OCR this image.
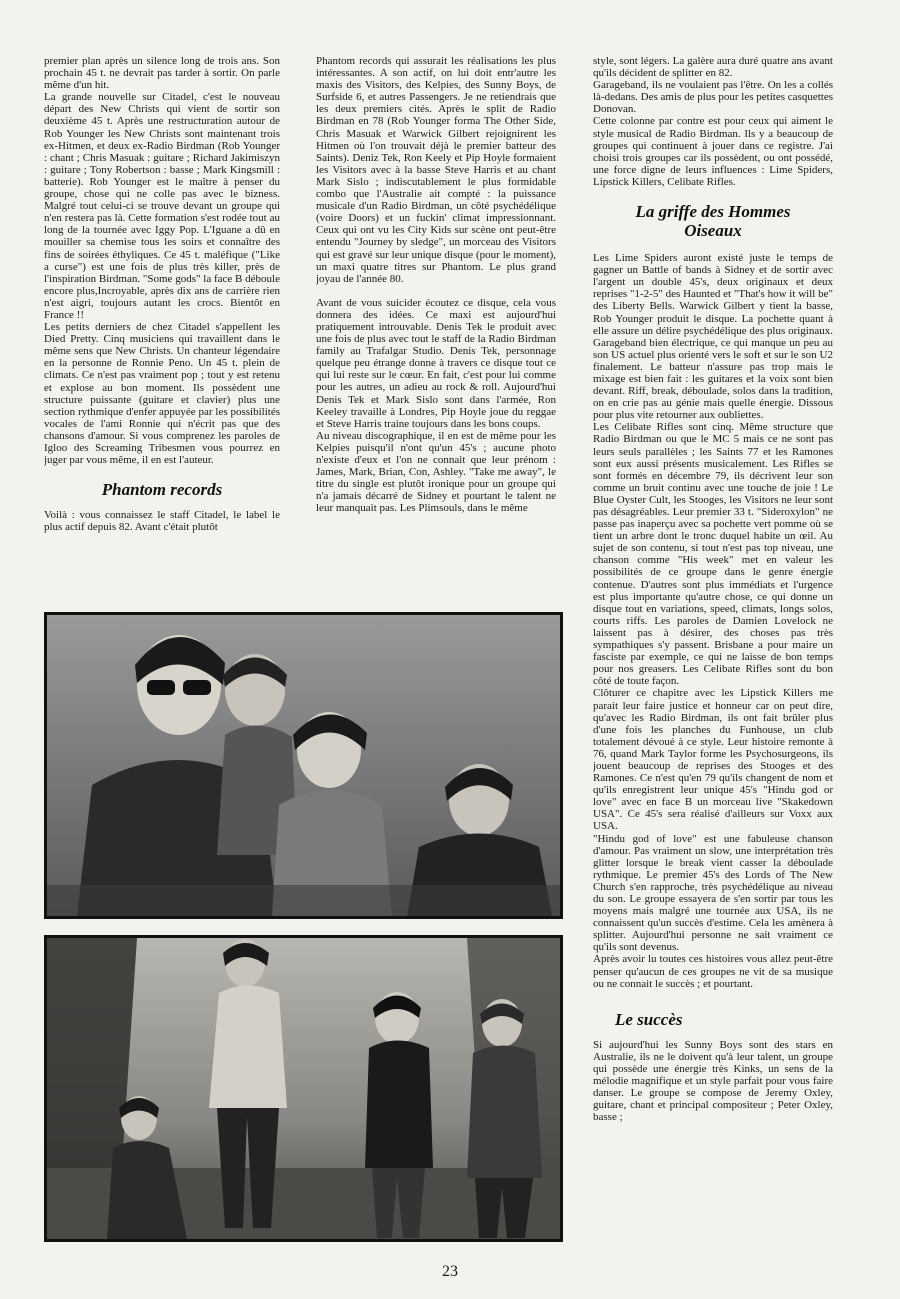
premier plan après un silence long de trois ans. Son prochain 45 t. ne devrait pas tarder à sortir. On parle même d'un hit.

La grande nouvelle sur Citadel, c'est le nouveau départ des New Christs qui vient de sortir son deuxième 45 t. Après une restructuration autour de Rob Younger les New Christs sont maintenant trois ex-Hitmen, et deux ex-Radio Birdman (Rob Younger : chant ; Chris Masuak : guitare ; Richard Jakimiszyn : guitare ; Tony Robertson : basse ; Mark Kingsmill : batterie). Rob Younger est le maître à penser du groupe, chose qui ne colle pas avec le bizness. Malgré tout celui-ci se trouve devant un groupe qui n'en restera pas là. Cette formation s'est rodée tout au long de la tournée avec Iggy Pop. L'Iguane a dû en mouiller sa chemise tous les soirs et connaître des fins de soirées éthyliques. Ce 45 t. maléfique ("Like a curse") est une fois de plus très killer, près de l'inspiration Birdman. "Some gods" la face B déboule encore plus,Incroyable, après dix ans de carrière rien n'est aigri, toujours autant les crocs. Bientôt en France !!

Les petits derniers de chez Citadel s'appellent les Died Pretty. Cinq musiciens qui travaillent dans le même sens que New Christs. Un chanteur légendaire en la personne de Ronnie Peno. Un 45 t. plein de climats. Ce n'est pas vraiment pop ; tout y est retenu et explose au bon moment. Ils possèdent une structure puissante (guitare et clavier) plus une section rythmique d'enfer appuyée par les possibilités vocales de l'ami Ronnie qui n'écrit pas que des chansons d'amour. Si vous comprenez les paroles de Igloo des Screaming Tribesmen vous pourrez en juger par vous même, il en est l'auteur.

Phantom records

Voilà : vous connaissez le staff Citadel, le label le plus actif depuis 82. Avant c'était plutôt

Phantom records qui assurait les réalisations les plus intéressantes. A son actif, on lui doit entr'autre les maxis des Visitors, des Kelpies, des Sunny Boys, de Surfside 6, et autres Passengers. Je ne retiendrais que les deux premiers cités. Après le split de Radio Birdman en 78 (Rob Younger forma The Other Side, Chris Masuak et Warwick Gilbert rejoignirent les Hitmen où l'on trouvait déjà le premier batteur des Saints). Deniz Tek, Ron Keely et Pip Hoyle formaient les Visitors avec à la basse Steve Harris et au chant Mark Sislo ; indiscutablement le plus formidable combo que l'Australie ait compté : la puissance musicale d'un Radio Birdman, un côté psychédélique (voire Doors) et un fuckin' climat impressionnant. Ceux qui ont vu les City Kids sur scène ont peut-être entendu "Journey by sledge", un morceau des Visitors qui est gravé sur leur unique disque (pour le moment), un maxi quatre titres sur Phantom. Le plus grand joyau de l'année 80.

Avant de vous suicider écoutez ce disque, cela vous donnera des idées. Ce maxi est aujourd'hui pratiquement introuvable. Denis Tek le produit avec une fois de plus avec tout le staff de la Radio Birdman family au Trafalgar Studio. Denis Tek, personnage quelque peu étrange donne à travers ce disque tout ce qui lui reste sur le cœur. En fait, c'est pour lui comme pour les autres, un adieu au rock & roll. Aujourd'hui Denis Tek et Mark Sislo sont dans l'armée, Ron Keeley travaille à Londres, Pip Hoyle joue du reggae et Steve Harris traine toujours dans les bons coups.

Au niveau discographique, il en est de même pour les Kelpies puisqu'il n'ont qu'un 45's ; aucune photo n'existe d'eux et l'on ne connait que leur prénom : James, Mark, Brian, Con, Ashley. "Take me away", le titre du single est plutôt ironique pour un groupe qui n'a jamais décarré de Sidney et pourtant le talent ne leur manquait pas. Les Plimsouls, dans le même

style, sont légers. La galère aura duré quatre ans avant qu'ils décident de splitter en 82.

Garageband, ils ne voulaient pas l'être. On les a collés là-dedans. Des amis de plus pour les petites casquettes Donovan.

Cette colonne par contre est pour ceux qui aiment le style musical de Radio Birdman. Ils y a beaucoup de groupes qui continuent à jouer dans ce registre. J'ai choisi trois groupes car ils possèdent, ou ont possédé, une force digne de leurs influences : Lime Spiders, Lipstick Killers, Celibate Rifles.

La griffe des Hommes Oiseaux

Les Lime Spiders auront existé juste le temps de gagner un Battle of bands à Sidney et de sortir avec l'argent un double 45's, deux originaux et deux reprises "1-2-5" des Haunted et "That's how it will be" des Liberty Bells. Warwick Gilbert y tient la basse, Rob Younger produit le disque. La pochette quant à elle assure un délire psychédélique des plus originaux. Garageband bien électrique, ce qui manque un peu au son US actuel plus orienté vers le soft et sur le son U2 finalement. Le batteur n'assure pas trop mais le mixage est bien fait : les guitares et la voix sont bien devant. Riff, break, déboulade, solos dans la tradition, on en crie pas au génie mais quelle énergie. Dissous pour plus vite retourner aux oubliettes.

Les Celibate Rifles sont cinq. Même structure que Radio Birdman ou que le MC 5 mais ce ne sont pas leurs seuls parallèles ; les Saints 77 et les Ramones sont eux aussi présents musicalement. Les Rifles se sont formés en décembre 79, ils décrivent leur son comme un bruit continu avec une touche de joie ! Le Blue Oyster Cult, les Stooges, les Visitors ne leur sont pas désagréables. Leur premier 33 t. "Sideroxylon" ne passe pas inaperçu avec sa pochette vert pomme où se tient un arbre dont le tronc duquel habite un œil. Au sujet de son contenu, si tout n'est pas top niveau, une chanson comme "His week" met en valeur les possibilités de ce groupe dans le genre énergie contenue. D'autres sont plus immédiats et l'urgence est plus importante qu'autre chose, ce qui donne un disque tout en variations, speed, climats, longs solos, courts riffs. Les paroles de Damien Lovelock ne laissent pas à désirer, des choses pas très sympathiques s'y passent. Brisbane a pour maire un fasciste par exemple, ce qui ne laisse de bon temps pour nos greasers. Les Celibate Rifles sont du bon côté de toute façon.

Clôturer ce chapitre avec les Lipstick Killers me parait leur faire justice et honneur car on peut dire, qu'avec les Radio Birdman, ils ont fait brûler plus d'une fois les planches du Funhouse, un club totalement dévoué à ce style. Leur histoire remonte à 76, quand Mark Taylor forme les Psychosurgeons, ils jouent beaucoup de reprises des Stooges et des Ramones. Ce n'est qu'en 79 qu'ils changent de nom et qu'ils enregistrent leur unique 45's "Hindu god or love" avec en face B un morceau live "Skakedown USA". Ce 45's sera réalisé d'ailleurs sur Voxx aux USA.

"Hindu god of love" est une fabuleuse chanson d'amour. Pas vraiment un slow, une interprétation très glitter lorsque le break vient casser la déboulade rythmique. Le premier 45's des Lords of The New Church s'en rapproche, très psychédélique au niveau du son. Le groupe essayera de s'en sortir par tous les moyens mais malgré une tournée aux USA, ils ne connaissent qu'un succès d'estime. Cela les amènera à splitter. Aujourd'hui personne ne sait vraiment ce qu'ils sont devenus.

Après avoir lu toutes ces histoires vous allez peut-être penser qu'aucun de ces groupes ne vit de sa musique ou ne connait le succès ; et pourtant.

Le succès

Si aujourd'hui les Sunny Boys sont des stars en Australie, ils ne le doivent qu'à leur talent, un groupe qui possède une énergie très Kinks, un sens de la mélodie magnifique et un style parfait pour vous faire danser. Le groupe se compose de Jeremy Oxley, guitare, chant et principal compositeur ; Peter Oxley, basse ;

23
